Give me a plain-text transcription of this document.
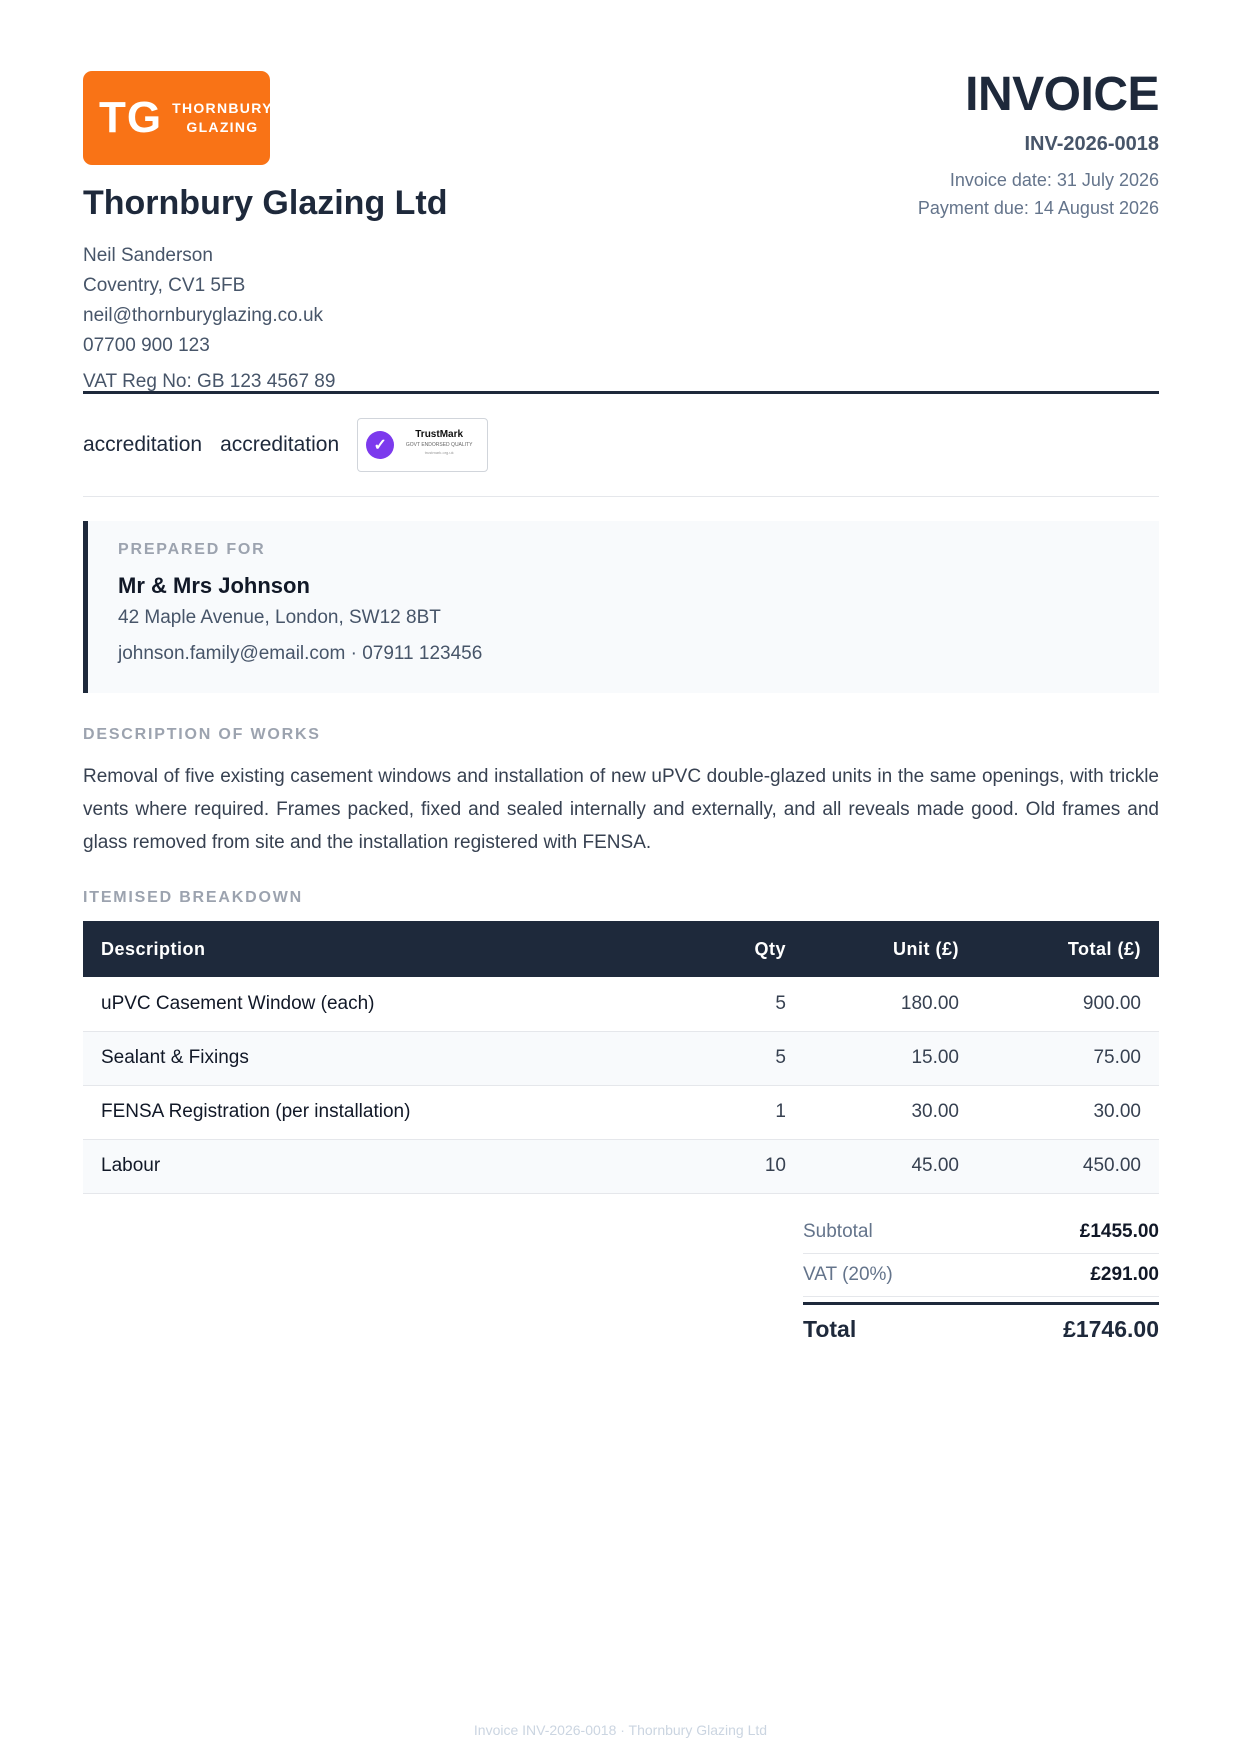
TG THORNBURY
GLAZING
Thornbury Glazing Ltd
Neil Sanderson
Coventry, CV1 5FB
neil@thornburyglazing.co.uk
07700 900 123
VAT Reg No: GB 123 4567 89
INVOICE
INV-2026-0018
Invoice date: 31 July 2026
Payment due: 14 August 2026
accreditation accreditation	✓
TrustMark
GOVT ENDORSED QUALITY
trustmark.org.uk
PREPARED FOR
Mr & Mrs Johnson
42 Maple Avenue, London, SW12 8BT
johnson.family@email.com · 07911 123456
DESCRIPTION OF WORKS

Removal of five existing casement windows and installation of new uPVC double-glazed units in the same openings, with trickle vents where required. Frames packed, fixed and sealed internally and externally, and all reveals made good. Old frames and glass removed from site and the installation registered with FENSA.

ITEMISED BREAKDOWN
Description	Qty	Unit (£)	Total (£)
uPVC Casement Window (each)	5	180.00	900.00
Sealant & Fixings	5	15.00	75.00
FENSA Registration (per installation)	1	30.00	30.00
Labour	10	45.00	450.00
Subtotal	£1455.00
VAT (20%)	£291.00
Total	£1746.00
Invoice INV-2026-0018 · Thornbury Glazing Ltd
